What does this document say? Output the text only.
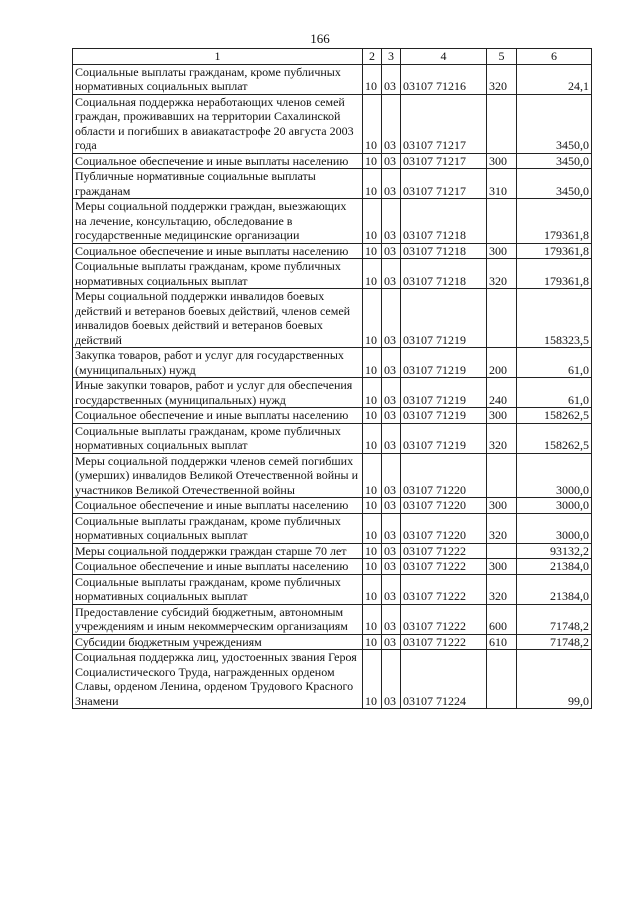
166
1	2	3	4	5	6
Социальные выплаты гражданам, кроме публичных нормативных социальных выплат	10	03	03107 71216	320	24,1
Социальная поддержка неработающих членов семей граждан, проживавших на территории Сахалинской области и погибших в авиакатастрофе 20 августа 2003 года	10	03	03107 71217		3450,0
Социальное обеспечение и иные выплаты населению	10	03	03107 71217	300	3450,0
Публичные нормативные социальные выплаты гражданам	10	03	03107 71217	310	3450,0
Меры социальной поддержки граждан, выезжающих на лечение, консультацию, обследование в государственные медицинские организации	10	03	03107 71218		179361,8
Социальное обеспечение и иные выплаты населению	10	03	03107 71218	300	179361,8
Социальные выплаты гражданам, кроме публичных нормативных социальных выплат	10	03	03107 71218	320	179361,8
Меры социальной поддержки инвалидов боевых действий и ветеранов боевых действий, членов семей инвалидов боевых действий и ветеранов боевых действий	10	03	03107 71219		158323,5
Закупка товаров, работ и услуг для государственных (муниципальных) нужд	10	03	03107 71219	200	61,0
Иные закупки товаров, работ и услуг для обеспечения государственных (муниципальных) нужд	10	03	03107 71219	240	61,0
Социальное обеспечение и иные выплаты населению	10	03	03107 71219	300	158262,5
Социальные выплаты гражданам, кроме публичных нормативных социальных выплат	10	03	03107 71219	320	158262,5
Меры социальной поддержки членов семей погибших (умерших) инвалидов Великой Отечественной войны и участников Великой Отечественной войны	10	03	03107 71220		3000,0
Социальное обеспечение и иные выплаты населению	10	03	03107 71220	300	3000,0
Социальные выплаты гражданам, кроме публичных нормативных социальных выплат	10	03	03107 71220	320	3000,0
Меры социальной поддержки граждан старше 70 лет	10	03	03107 71222		93132,2
Социальное обеспечение и иные выплаты населению	10	03	03107 71222	300	21384,0
Социальные выплаты гражданам, кроме публичных нормативных социальных выплат	10	03	03107 71222	320	21384,0
Предоставление субсидий бюджетным, автономным учреждениям и иным некоммерческим организациям	10	03	03107 71222	600	71748,2
Субсидии бюджетным учреждениям	10	03	03107 71222	610	71748,2
Социальная поддержка лиц, удостоенных звания Героя Социалистического Труда, награжденных орденом Славы, орденом Ленина, орденом Трудового Красного Знамени	10	03	03107 71224		99,0
